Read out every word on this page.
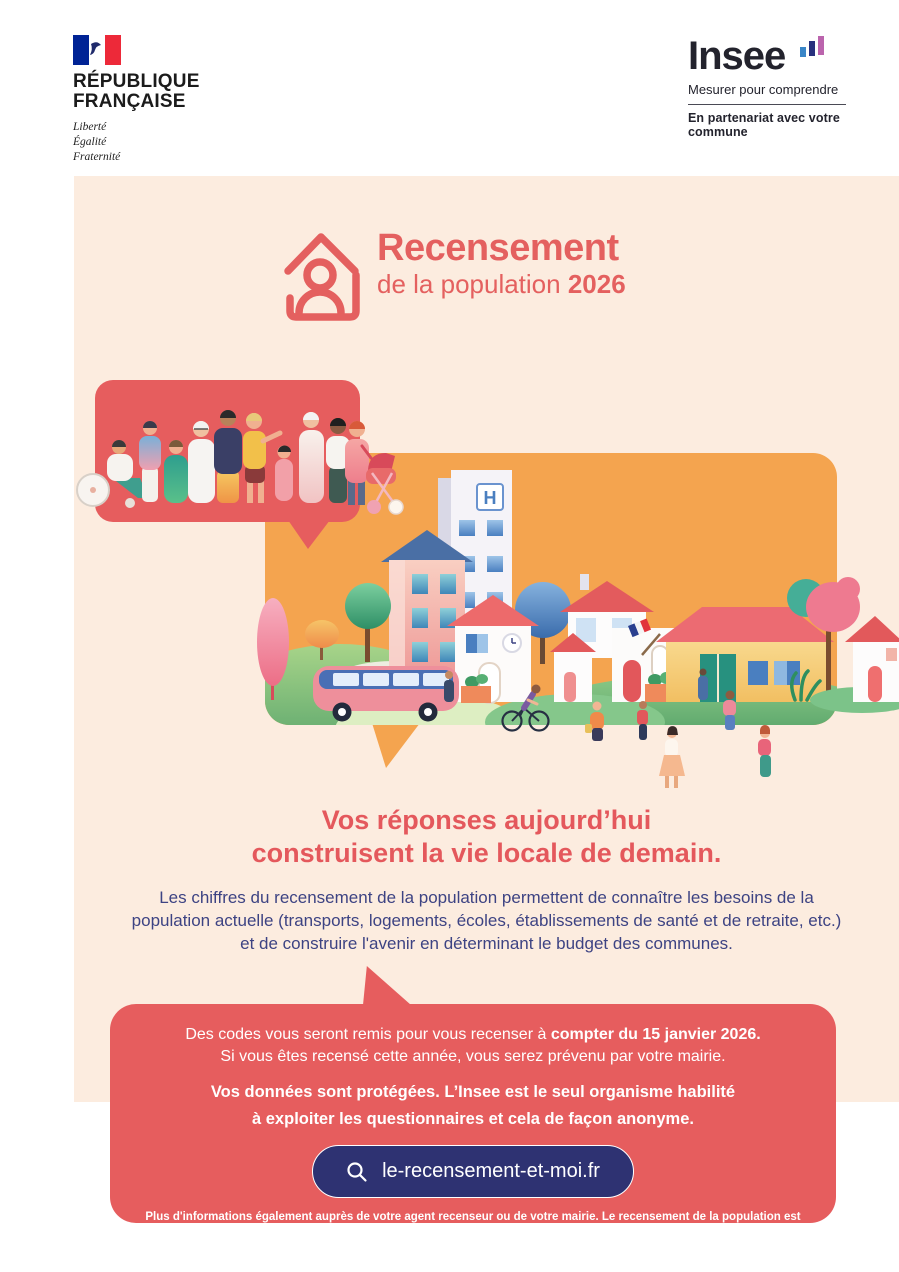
RÉPUBLIQUE
FRANÇAISE
Liberté
Égalité
Fraternité
Insee
Mesurer pour comprendre
En partenariat avec votre commune
Recensement
de la population 2026
H
Vos réponses aujourd’hui
construisent la vie locale de demain.

Les chiffres du recensement de la population permettent de connaître les besoins de la population actuelle (transports, logements, écoles, établissements de santé et de retraite, etc.) et de construire l'avenir en déterminant le budget des communes.

Des codes vous seront remis pour vous recenser à compter du 15 janvier 2026.
Si vous êtes recensé cette année, vous serez prévenu par votre mairie.

Vos données sont protégées. L’Insee est le seul organisme habilité
à exploiter les questionnaires et cela de façon anonyme.

le-recensement-et-moi.fr

Plus d'informations également auprès de votre agent recenseur ou de votre mairie. Le recensement de la population est gratuit.
